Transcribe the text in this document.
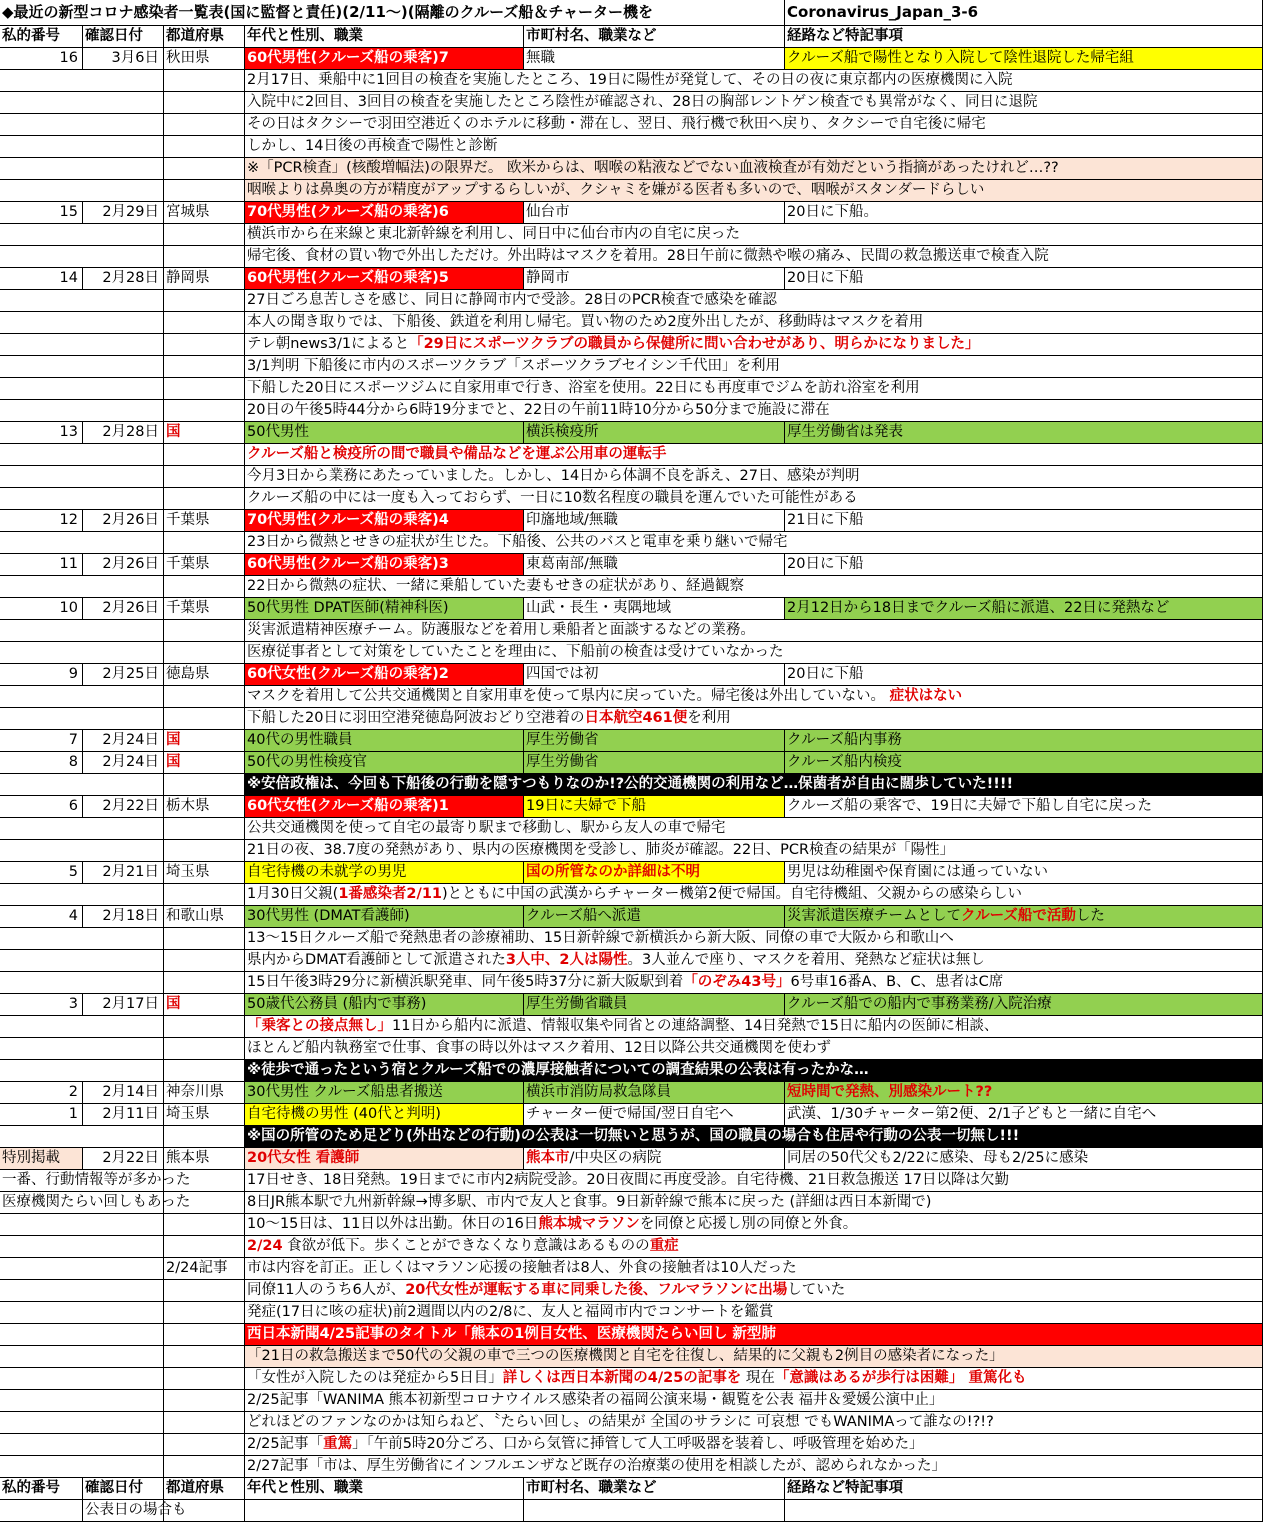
◆最近の新型コロナ感染者一覧表(国に監督と責任)(2/11～)(隔離のクルーズ船＆チャーター機を	Coronavirus_Japan_3-6
私的番号	確認日付	都道府県	年代と性別、職業	市町村名、職業など	経路など特記事項
16	3月6日 秋田県	60代男性(クルーズ船の乗客)7	無職	クルーズ船で陽性となり入院して陰性退院した帰宅組
2月17日、乗船中に1回目の検査を実施したところ、19日に陽性が発覚して、その日の夜に東京都内の医療機関に入院
入院中に2回目、3回目の検査を実施したところ陰性が確認され、28日の胸部レントゲン検査でも異常がなく、同日に退院
その日はタクシーで羽田空港近くのホテルに移動・滞在し、翌日、飛行機で秋田へ戻り、タクシーで自宅後に帰宅
しかし、14日後の再検査で陽性と診断
※「PCR検査」(核酸増幅法)の限界だ。 欧米からは、咽喉の粘液などでない血液検査が有効だという指摘があったけれど…??
咽喉よりは鼻奥の方が精度がアップするらしいが、クシャミを嫌がる医者も多いので、咽喉がスタンダードらしい
15	2月29日 宮城県	70代男性(クルーズ船の乗客)6	仙台市	20日に下船。
横浜市から在来線と東北新幹線を利用し、同日中に仙台市内の自宅に戻った
帰宅後、食材の買い物で外出しただけ。外出時はマスクを着用。28日午前に微熱や喉の痛み、民間の救急搬送車で検査入院
14	2月28日 静岡県	60代男性(クルーズ船の乗客)5	静岡市	20日に下船
27日ごろ息苦しさを感じ、同日に静岡市内で受診。28日のPCR検査で感染を確認
本人の聞き取りでは、下船後、鉄道を利用し帰宅。買い物のため2度外出したが、移動時はマスクを着用
テレ朝news3/1によると「29日にスポーツクラブの職員から保健所に問い合わせがあり、明らかになりました」
3/1判明 下船後に市内のスポーツクラブ「スポーツクラブセイシン千代田」を利用
下船した20日にスポーツジムに自家用車で行き、浴室を使用。22日にも再度車でジムを訪れ浴室を利用
20日の午後5時44分から6時19分までと、22日の午前11時10分から50分まで施設に滞在
13	2月28日 国	50代男性	横浜検疫所	厚生労働省は発表
クルーズ船と検疫所の間で職員や備品などを運ぶ公用車の運転手
今月3日から業務にあたっていました。しかし、14日から体調不良を訴え、27日、感染が判明
クルーズ船の中には一度も入っておらず、一日に10数名程度の職員を運んでいた可能性がある
12	2月26日 千葉県	70代男性(クルーズ船の乗客)4	印旛地域/無職	21日に下船
23日から微熱とせきの症状が生じた。下船後、公共のバスと電車を乗り継いで帰宅
11	2月26日 千葉県	60代男性(クルーズ船の乗客)3	東葛南部/無職	20日に下船
22日から微熱の症状、一緒に乗船していた妻もせきの症状があり、経過観察
10	2月26日 千葉県	50代男性 DPAT医師(精神科医)	山武・長生・夷隅地域	2月12日から18日までクルーズ船に派遣、22日に発熱など
災害派遣精神医療チーム。防護服などを着用し乗船者と面談するなどの業務。
医療従事者として対策をしていたことを理由に、下船前の検査は受けていなかった
9	2月25日 徳島県	60代女性(クルーズ船の乗客)2	四国では初	20日に下船
マスクを着用して公共交通機関と自家用車を使って県内に戻っていた。帰宅後は外出していない。 症状はない
下船した20日に羽田空港発徳島阿波おどり空港着の日本航空461便を利用
7	2月24日 国	40代の男性職員	厚生労働省	クルーズ船内事務
8	2月24日 国	50代の男性検疫官	厚生労働省	クルーズ船内検疫
※安倍政権は、今回も下船後の行動を隠すつもりなのか!?公的交通機関の利用など…保菌者が自由に闊歩していた!!!!
6	2月22日 栃木県	60代女性(クルーズ船の乗客)1	19日に夫婦で下船	クルーズ船の乗客で、19日に夫婦で下船し自宅に戻った
公共交通機関を使って自宅の最寄り駅まで移動し、駅から友人の車で帰宅
21日の夜、38.7度の発熱があり、県内の医療機関を受診し、肺炎が確認。22日、PCR検査の結果が「陽性」
5	2月21日 埼玉県	自宅待機の未就学の男児	国の所管なのか詳細は不明	男児は幼稚園や保育園には通っていない
1月30日父親(1番感染者2/11)とともに中国の武漢からチャーター機第2便で帰国。自宅待機組、父親からの感染らしい
4	2月18日 和歌山県	30代男性 (DMAT看護師)	クルーズ船へ派遣	災害派遣医療チームとしてクルーズ船で活動した
13～15日クルーズ船で発熱患者の診療補助、15日新幹線で新横浜から新大阪、同僚の車で大阪から和歌山へ
県内からDMAT看護師として派遣された3人中、2人は陽性。3人並んで座り、マスクを着用、発熱など症状は無し
15日午後3時29分に新横浜駅発車、同午後5時37分に新大阪駅到着「のぞみ43号」6号車16番A、B、C、患者はC席
3	2月17日 国	50歳代公務員 (船内で事務)	厚生労働省職員	クルーズ船での船内で事務業務/入院治療
「乗客との接点無し」11日から船内に派遣、情報収集や同省との連絡調整、14日発熱で15日に船内の医師に相談、
ほとんど船内執務室で仕事、食事の時以外はマスク着用、12日以降公共交通機関を使わず
※徒歩で通ったという宿とクルーズ船での濃厚接触者についての調査結果の公表は有ったかな…
2	2月14日 神奈川県	30代男性 クルーズ船患者搬送	横浜市消防局救急隊員	短時間で発熱、別感染ルート??
1	2月11日 埼玉県	自宅待機の男性 (40代と判明)	チャーター便で帰国/翌日自宅へ	武漢、1/30チャーター第2便、2/1子どもと一緒に自宅へ
※国の所管のため足どり(外出などの行動)の公表は一切無いと思うが、国の職員の場合も住居や行動の公表一切無し!!!
特別掲載	2月22日 熊本県	20代女性 看護師	熊本市/中央区の病院	同居の50代父も2/22に感染、母も2/25に感染
一番、行動情報等が多かった	17日せき、18日発熱。19日までに市内2病院受診。20日夜間に再度受診。自宅待機、21日救急搬送 17日以降は欠勤
医療機関たらい回しもあった	8日JR熊本駅で九州新幹線→博多駅、市内で友人と食事。9日新幹線で熊本に戻った (詳細は西日本新聞で)
10～15日は、11日以外は出勤。休日の16日熊本城マラソンを同僚と応援し別の同僚と外食。
2/24 食欲が低下。歩くことができなくなり意識はあるものの重症
2/24記事	市は内容を訂正。正しくはマラソン応援の接触者は8人、外食の接触者は10人だった
同僚11人のうち6人が、20代女性が運転する車に同乗した後、フルマラソンに出場していた
発症(17日に咳の症状)前2週間以内の2/8に、友人と福岡市内でコンサートを鑑賞
西日本新聞4/25記事のタイトル「熊本の1例目女性、医療機関たらい回し 新型肺
「21日の救急搬送まで50代の父親の車で三つの医療機関と自宅を往復し、結果的に父親も2例目の感染者になった」
「女性が入院したのは発症から5日目」詳しくは西日本新聞の4/25の記事を 現在「意識はあるが歩行は困難」 重篤化も
2/25記事「WANIMA 熊本初新型コロナウイルス感染者の福岡公演来場・観覧を公表 福井＆愛媛公演中止」
どれほどのファンなのかは知らねど、〝たらい回し〟の結果が 全国のサラシに 可哀想 でもWANIMAって誰なの!?!?
2/25記事「重篤」「午前5時20分ごろ、口から気管に挿管して人工呼吸器を装着し、呼吸管理を始めた」
2/27記事「市は、厚生労働省にインフルエンザなど既存の治療薬の使用を相談したが、認められなかった」
私的番号	確認日付	都道府県	年代と性別、職業	市町村名、職業など	経路など特記事項
公表日の場合も
